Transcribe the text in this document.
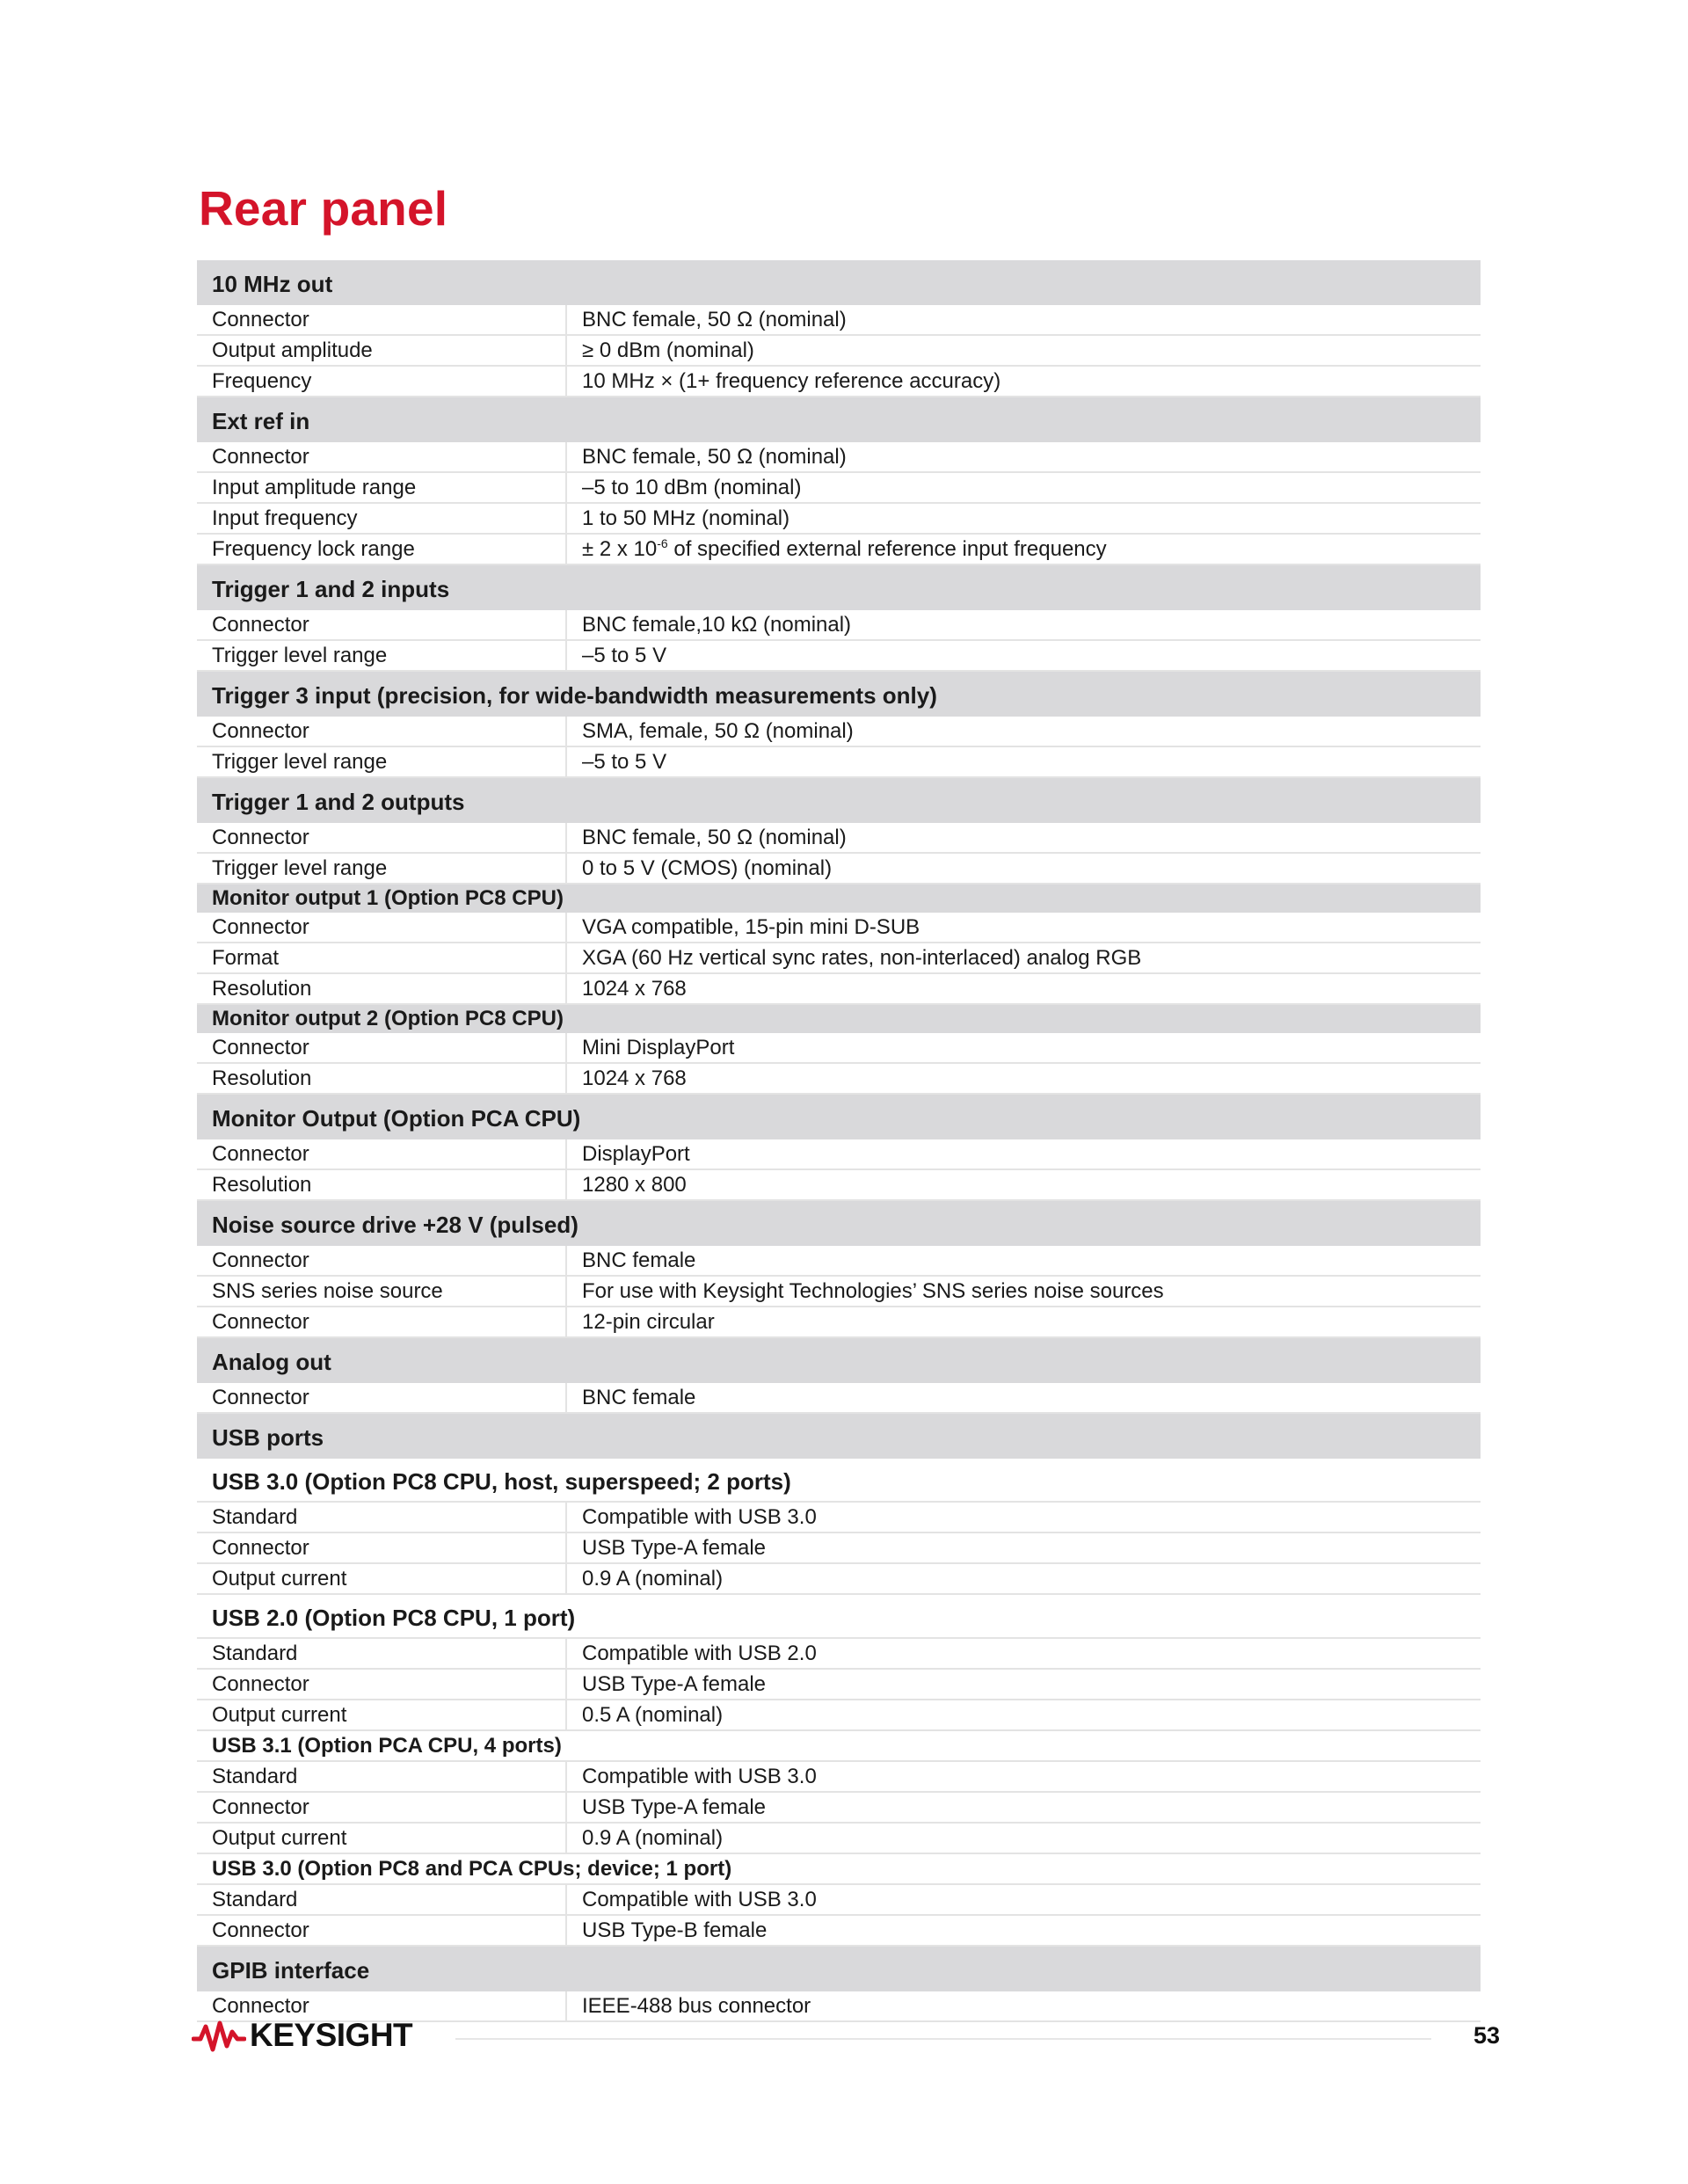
Rear panel
10 MHz out	
Connector	BNC female, 50 Ω (nominal)
Output amplitude	≥ 0 dBm (nominal)
Frequency	10 MHz × (1+ frequency reference accuracy)
Ext ref in	
Connector	BNC female, 50 Ω (nominal)
Input amplitude range	–5 to 10 dBm (nominal)
Input frequency	1 to 50 MHz (nominal)
Frequency lock range	± 2 x $10^{-6}$ of specified external reference input frequency
Trigger 1 and 2 inputs	
Connector	BNC female,10 kΩ (nominal)
Trigger level range	–5 to 5 V
Trigger 3 input (precision, for wide-bandwidth measurements only)	
Connector	SMA, female, 50 Ω (nominal)
Trigger level range	–5 to 5 V
Trigger 1 and 2 outputs	
Connector	BNC female, 50 Ω (nominal)
Trigger level range	0 to 5 V (CMOS) (nominal)
Monitor output 1 (Option PC8 CPU)	
Connector	VGA compatible, 15-pin mini D-SUB
Format	XGA (60 Hz vertical sync rates, non-interlaced) analog RGB
Resolution	1024 x 768
Monitor output 2 (Option PC8 CPU)	
Connector	Mini DisplayPort
Resolution	1024 x 768
Monitor Output (Option PCA CPU)	
Connector	DisplayPort
Resolution	1280 x 800
Noise source drive +28 V (pulsed)	
Connector	BNC female
SNS series noise source	For use with Keysight Technologies’ SNS series noise sources
Connector	12-pin circular
Analog out	
Connector	BNC female
USB ports	
USB 3.0 (Option PC8 CPU, host, superspeed; 2 ports)	
Standard	Compatible with USB 3.0
Connector	USB Type-A female
Output current	0.9 A (nominal)
USB 2.0 (Option PC8 CPU, 1 port)	
Standard	Compatible with USB 2.0
Connector	USB Type-A female
Output current	0.5 A (nominal)
USB 3.1 (Option PCA CPU, 4 ports)	
Standard	Compatible with USB 3.0
Connector	USB Type-A female
Output current	0.9 A (nominal)
USB 3.0 (Option PC8 and PCA CPUs; device; 1 port)	
Standard	Compatible with USB 3.0
Connector	USB Type-B female
GPIB interface	
Connector	IEEE-488 bus connector
KEYSIGHT	53
